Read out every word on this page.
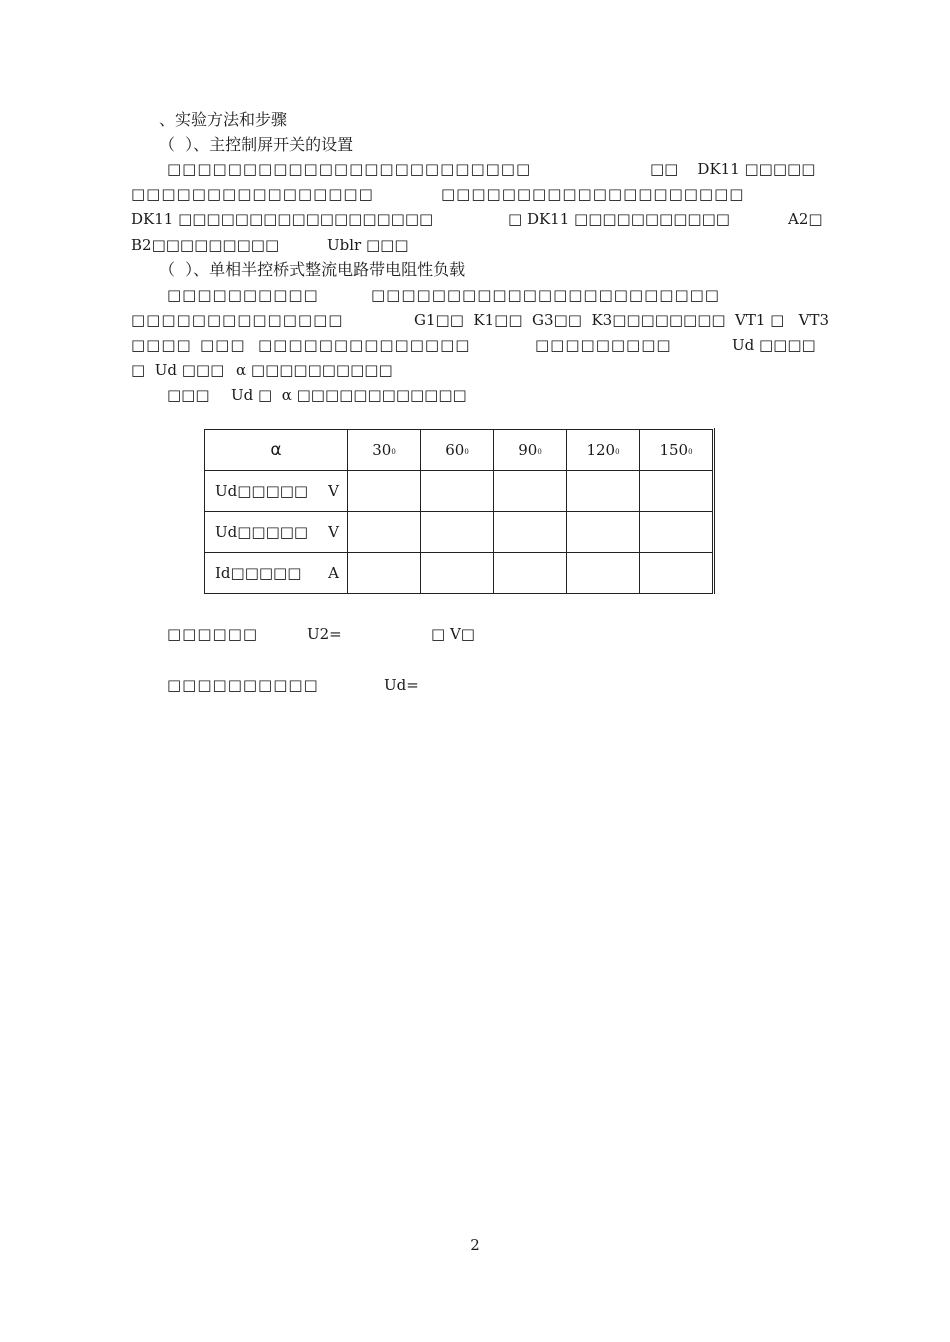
、实验方法和步骤
（  ）、主控制屏开关的设置
□□□□□□□□□□□□□□□□□□□□□□□□	□□    DK11 □□□□□
□□□□□□□□□□□□□□□□	□□□□□□□□□□□□□□□□□□□□
DK11 □□□□□□□□□□□□□□□□□□	□ DK11 □□□□□□□□□□□	A2□
B2□□□□□□□□□	Ublr □□□
（  ）、单相半控桥式整流电路带电阻性负载
□□□□□□□□□□	□□□□□□□□□□□□□□□□□□□□□□□
□□□□□□□□□□□□□□	G1□□  K1□□  G3□□  K3□□□□□□□□ VT1 □   VT3
□□□□ □□□ □□□□□□□□□□□□□□	□□□□□□□□□	Ud □□□□
□  Ud □□□ α □□□□□□□□□□
□□□ Ud □  α □□□□□□□□□□□□
α	$30^0$	$60^0$	$90^0$	$120^0$	$150^0$

Ud□□□□□ V					

Ud□□□□□ V					

Id□□□□□ A					

□□□□□□	U2=	□ V□
□□□□□□□□□□	Ud=
2
